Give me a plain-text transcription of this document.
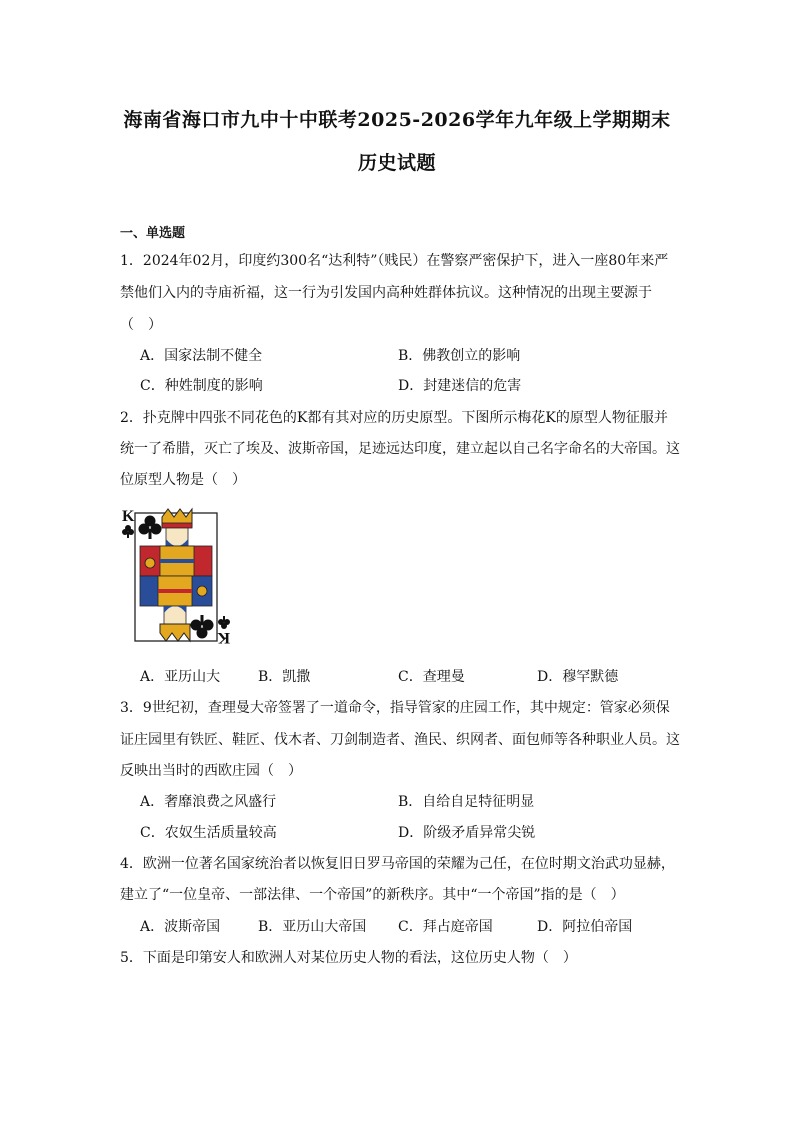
海南省海口市九中十中联考2025-2026学年九年级上学期期末
历史试题
一、单选题
1．2024年02月，印度约300名“达利特”（贱民）在警察严密保护下，进入一座80年来严
禁他们入内的寺庙祈福，这一行为引发国内高种姓群体抗议。这种情况的出现主要源于
（　）
A．国家法制不健全	B．佛教创立的影响
C．种姓制度的影响	D．封建迷信的危害
2．扑克牌中四张不同花色的K都有其对应的历史原型。下图所示梅花K的原型人物征服并
统一了希腊，灭亡了埃及、波斯帝国，足迹远达印度，建立起以自己名字命名的大帝国。这
位原型人物是（　）
K
K
A．亚历山大	B．凯撒	C．查理曼	D．穆罕默德
3．9世纪初，查理曼大帝签署了一道命令，指导管家的庄园工作，其中规定：管家必须保
证庄园里有铁匠、鞋匠、伐木者、刀剑制造者、渔民、织网者、面包师等各种职业人员。这
反映出当时的西欧庄园（　）
A．奢靡浪费之风盛行	B．自给自足特征明显
C．农奴生活质量较高	D．阶级矛盾异常尖锐
4．欧洲一位著名国家统治者以恢复旧日罗马帝国的荣耀为己任，在位时期文治武功显赫，
建立了“一位皇帝、一部法律、一个帝国”的新秩序。其中“一个帝国”指的是（　）
A．波斯帝国	B．亚历山大帝国 C．拜占庭帝国	D．阿拉伯帝国
5．下面是印第安人和欧洲人对某位历史人物的看法，这位历史人物（　）
